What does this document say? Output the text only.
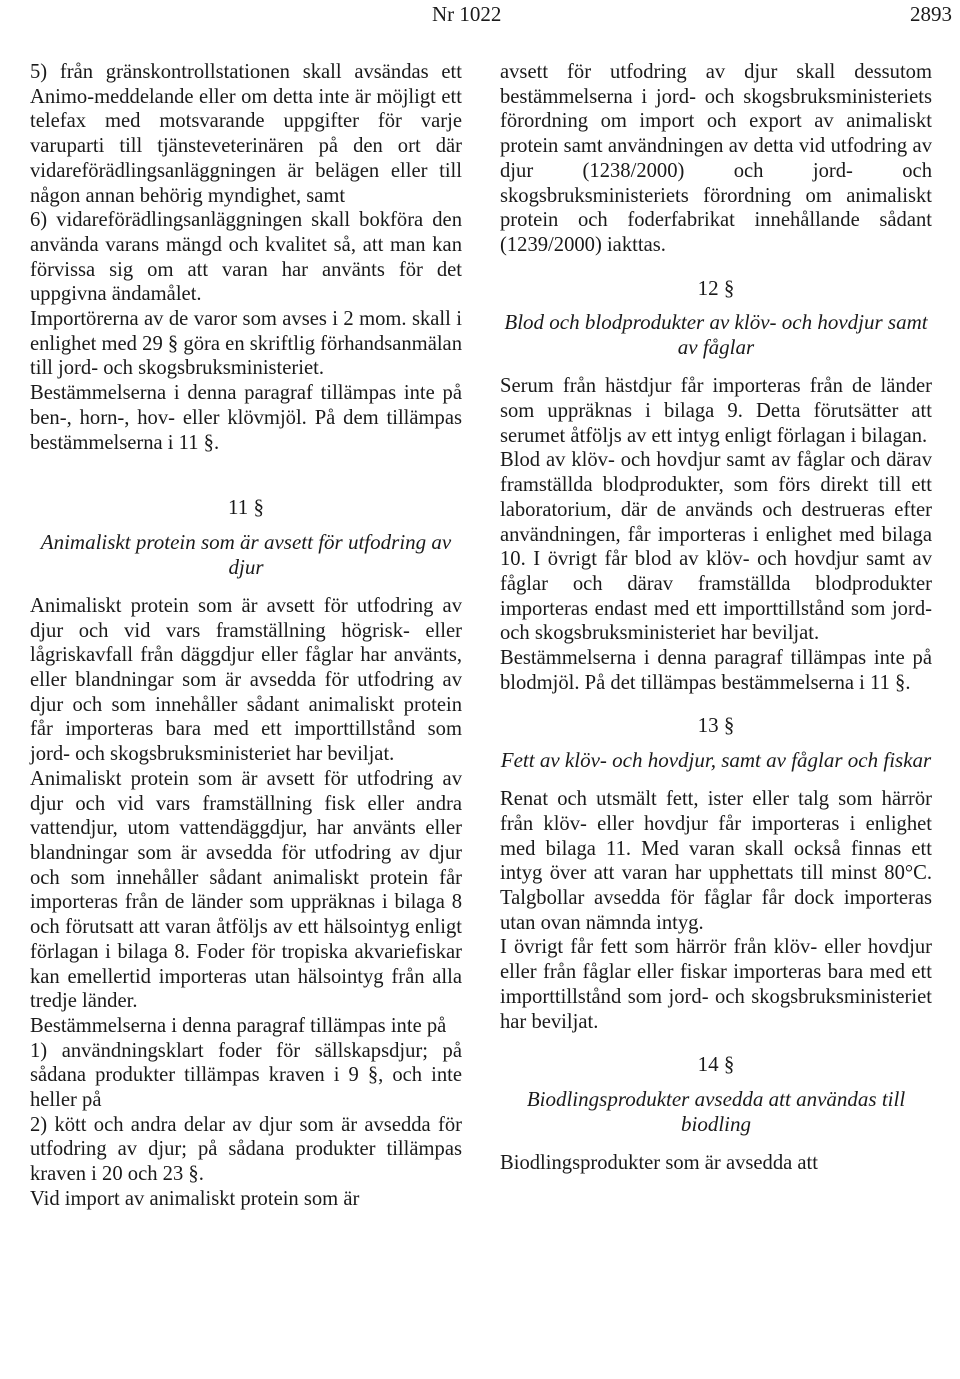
Nr 1022	2893

5) från gränskontrollstationen skall avsändas ett Animo-meddelande eller om detta inte är möjligt ett telefax med motsvarande uppgifter för varje varuparti till tjänsteveterinären på den ort där vidareförädlingsanläggningen är belägen eller till någon annan behörig myndighet, samt

6) vidareförädlingsanläggningen skall bokföra den använda varans mängd och kvalitet så, att man kan förvissa sig om att varan har använts för det uppgivna ändamålet.

Importörerna av de varor som avses i 2 mom. skall i enlighet med 29 § göra en skriftlig förhandsanmälan till jord- och skogsbruksministeriet.

Bestämmelserna i denna paragraf tillämpas inte på ben-, horn-, hov- eller klövmjöl. På dem tillämpas bestämmelserna i 11 §.

11 §
Animaliskt protein som är avsett för utfodring av djur

Animaliskt protein som är avsett för utfodring av djur och vid vars framställning högrisk- eller lågriskavfall från däggdjur eller fåglar har använts, eller blandningar som är avsedda för utfodring av djur och som innehåller sådant animaliskt protein får importeras bara med ett importtillstånd som jord- och skogsbruksministeriet har beviljat.

Animaliskt protein som är avsett för utfodring av djur och vid vars framställning fisk eller andra vattendjur, utom vattendäggdjur, har använts eller blandningar som är avsedda för utfodring av djur och som innehåller sådant animaliskt protein får importeras från de länder som uppräknas i bilaga 8 och förutsatt att varan åtföljs av ett hälsointyg enligt förlagan i bilaga 8. Foder för tropiska akvariefiskar kan emellertid importeras utan hälsointyg från alla tredje länder.

Bestämmelserna i denna paragraf tillämpas inte på

1) användningsklart foder för sällskapsdjur; på sådana produkter tillämpas kraven i 9 §, och inte heller på

2) kött och andra delar av djur som är avsedda för utfodring av djur; på sådana produkter tillämpas kraven i 20 och 23 §.

Vid import av animaliskt protein som är

avsett för utfodring av djur skall dessutom bestämmelserna i jord- och skogsbruksministeriets förordning om import och export av animaliskt protein samt användningen av detta vid utfodring av djur (1238/2000) och jord- och skogsbruksministeriets förordning om animaliskt protein och foderfabrikat innehållande sådant (1239/2000) iakttas.

12 §
Blod och blodprodukter av klöv- och hovdjur samt av fåglar

Serum från hästdjur får importeras från de länder som uppräknas i bilaga 9. Detta förutsätter att serumet åtföljs av ett intyg enligt förlagan i bilagan.

Blod av klöv- och hovdjur samt av fåglar och därav framställda blodprodukter, som förs direkt till ett laboratorium, där de används och destrueras efter användningen, får importeras i enlighet med bilaga 10. I övrigt får blod av klöv- och hovdjur samt av fåglar och därav framställda blodprodukter importeras endast med ett importtillstånd som jord- och skogsbruksministeriet har beviljat.

Bestämmelserna i denna paragraf tillämpas inte på blodmjöl. På det tillämpas bestämmelserna i 11 §.

13 §
Fett av klöv- och hovdjur, samt av fåglar och fiskar

Renat och utsmält fett, ister eller talg som härrör från klöv- eller hovdjur får importeras i enlighet med bilaga 11. Med varan skall också finnas ett intyg över att varan har upphettats till minst 80°C. Talgbollar avsedda för fåglar får dock importeras utan ovan nämnda intyg.

I övrigt får fett som härrör från klöv- eller hovdjur eller från fåglar eller fiskar importeras bara med ett importtillstånd som jord- och skogsbruksministeriet har beviljat.

14 §
Biodlingsprodukter avsedda att användas till biodling

Biodlingsprodukter som är avsedda att
